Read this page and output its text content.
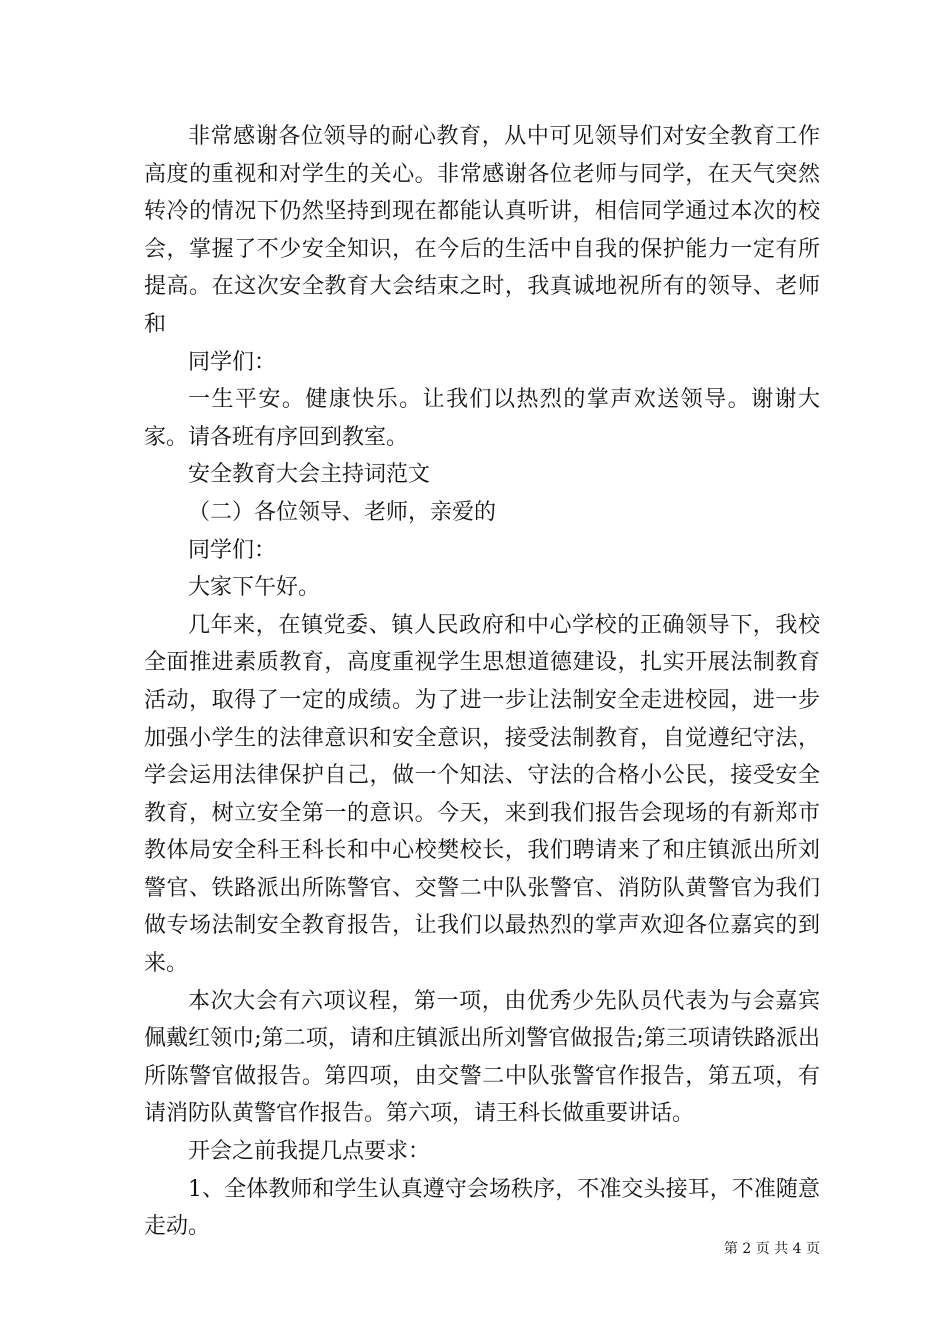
非常感谢各位领导的耐心教育，从中可见领导们对安全教育工作高度的重视和对学生的关心。非常感谢各位老师与同学，在天气突然转冷的情况下仍然坚持到现在都能认真听讲，相信同学通过本次的校会，掌握了不少安全知识，在今后的生活中自我的保护能力一定有所提高。在这次安全教育大会结束之时，我真诚地祝所有的领导、老师和

同学们：

一生平安。健康快乐。让我们以热烈的掌声欢送领导。谢谢大家。请各班有序回到教室。

安全教育大会主持词范文

（二）各位领导、老师，亲爱的

同学们：

大家下午好。

几年来，在镇党委、镇人民政府和中心学校的正确领导下，我校全面推进素质教育，高度重视学生思想道德建设，扎实开展法制教育活动，取得了一定的成绩。为了进一步让法制安全走进校园，进一步加强小学生的法律意识和安全意识，接受法制教育，自觉遵纪守法，学会运用法律保护自己，做一个知法、守法的合格小公民，接受安全教育，树立安全第一的意识。今天，来到我们报告会现场的有新郑市教体局安全科王科长和中心校樊校长，我们聘请来了和庄镇派出所刘警官、铁路派出所陈警官、交警二中队张警官、消防队黄警官为我们做专场法制安全教育报告，让我们以最热烈的掌声欢迎各位嘉宾的到来。

本次大会有六项议程，第一项，由优秀少先队员代表为与会嘉宾佩戴红领巾;第二项，请和庄镇派出所刘警官做报告;第三项请铁路派出所陈警官做报告。第四项，由交警二中队张警官作报告，第五项，有请消防队黄警官作报告。第六项，请王科长做重要讲话。

开会之前我提几点要求：

1、全体教师和学生认真遵守会场秩序，不准交头接耳，不准随意走动。

第 2 页 共 4 页
